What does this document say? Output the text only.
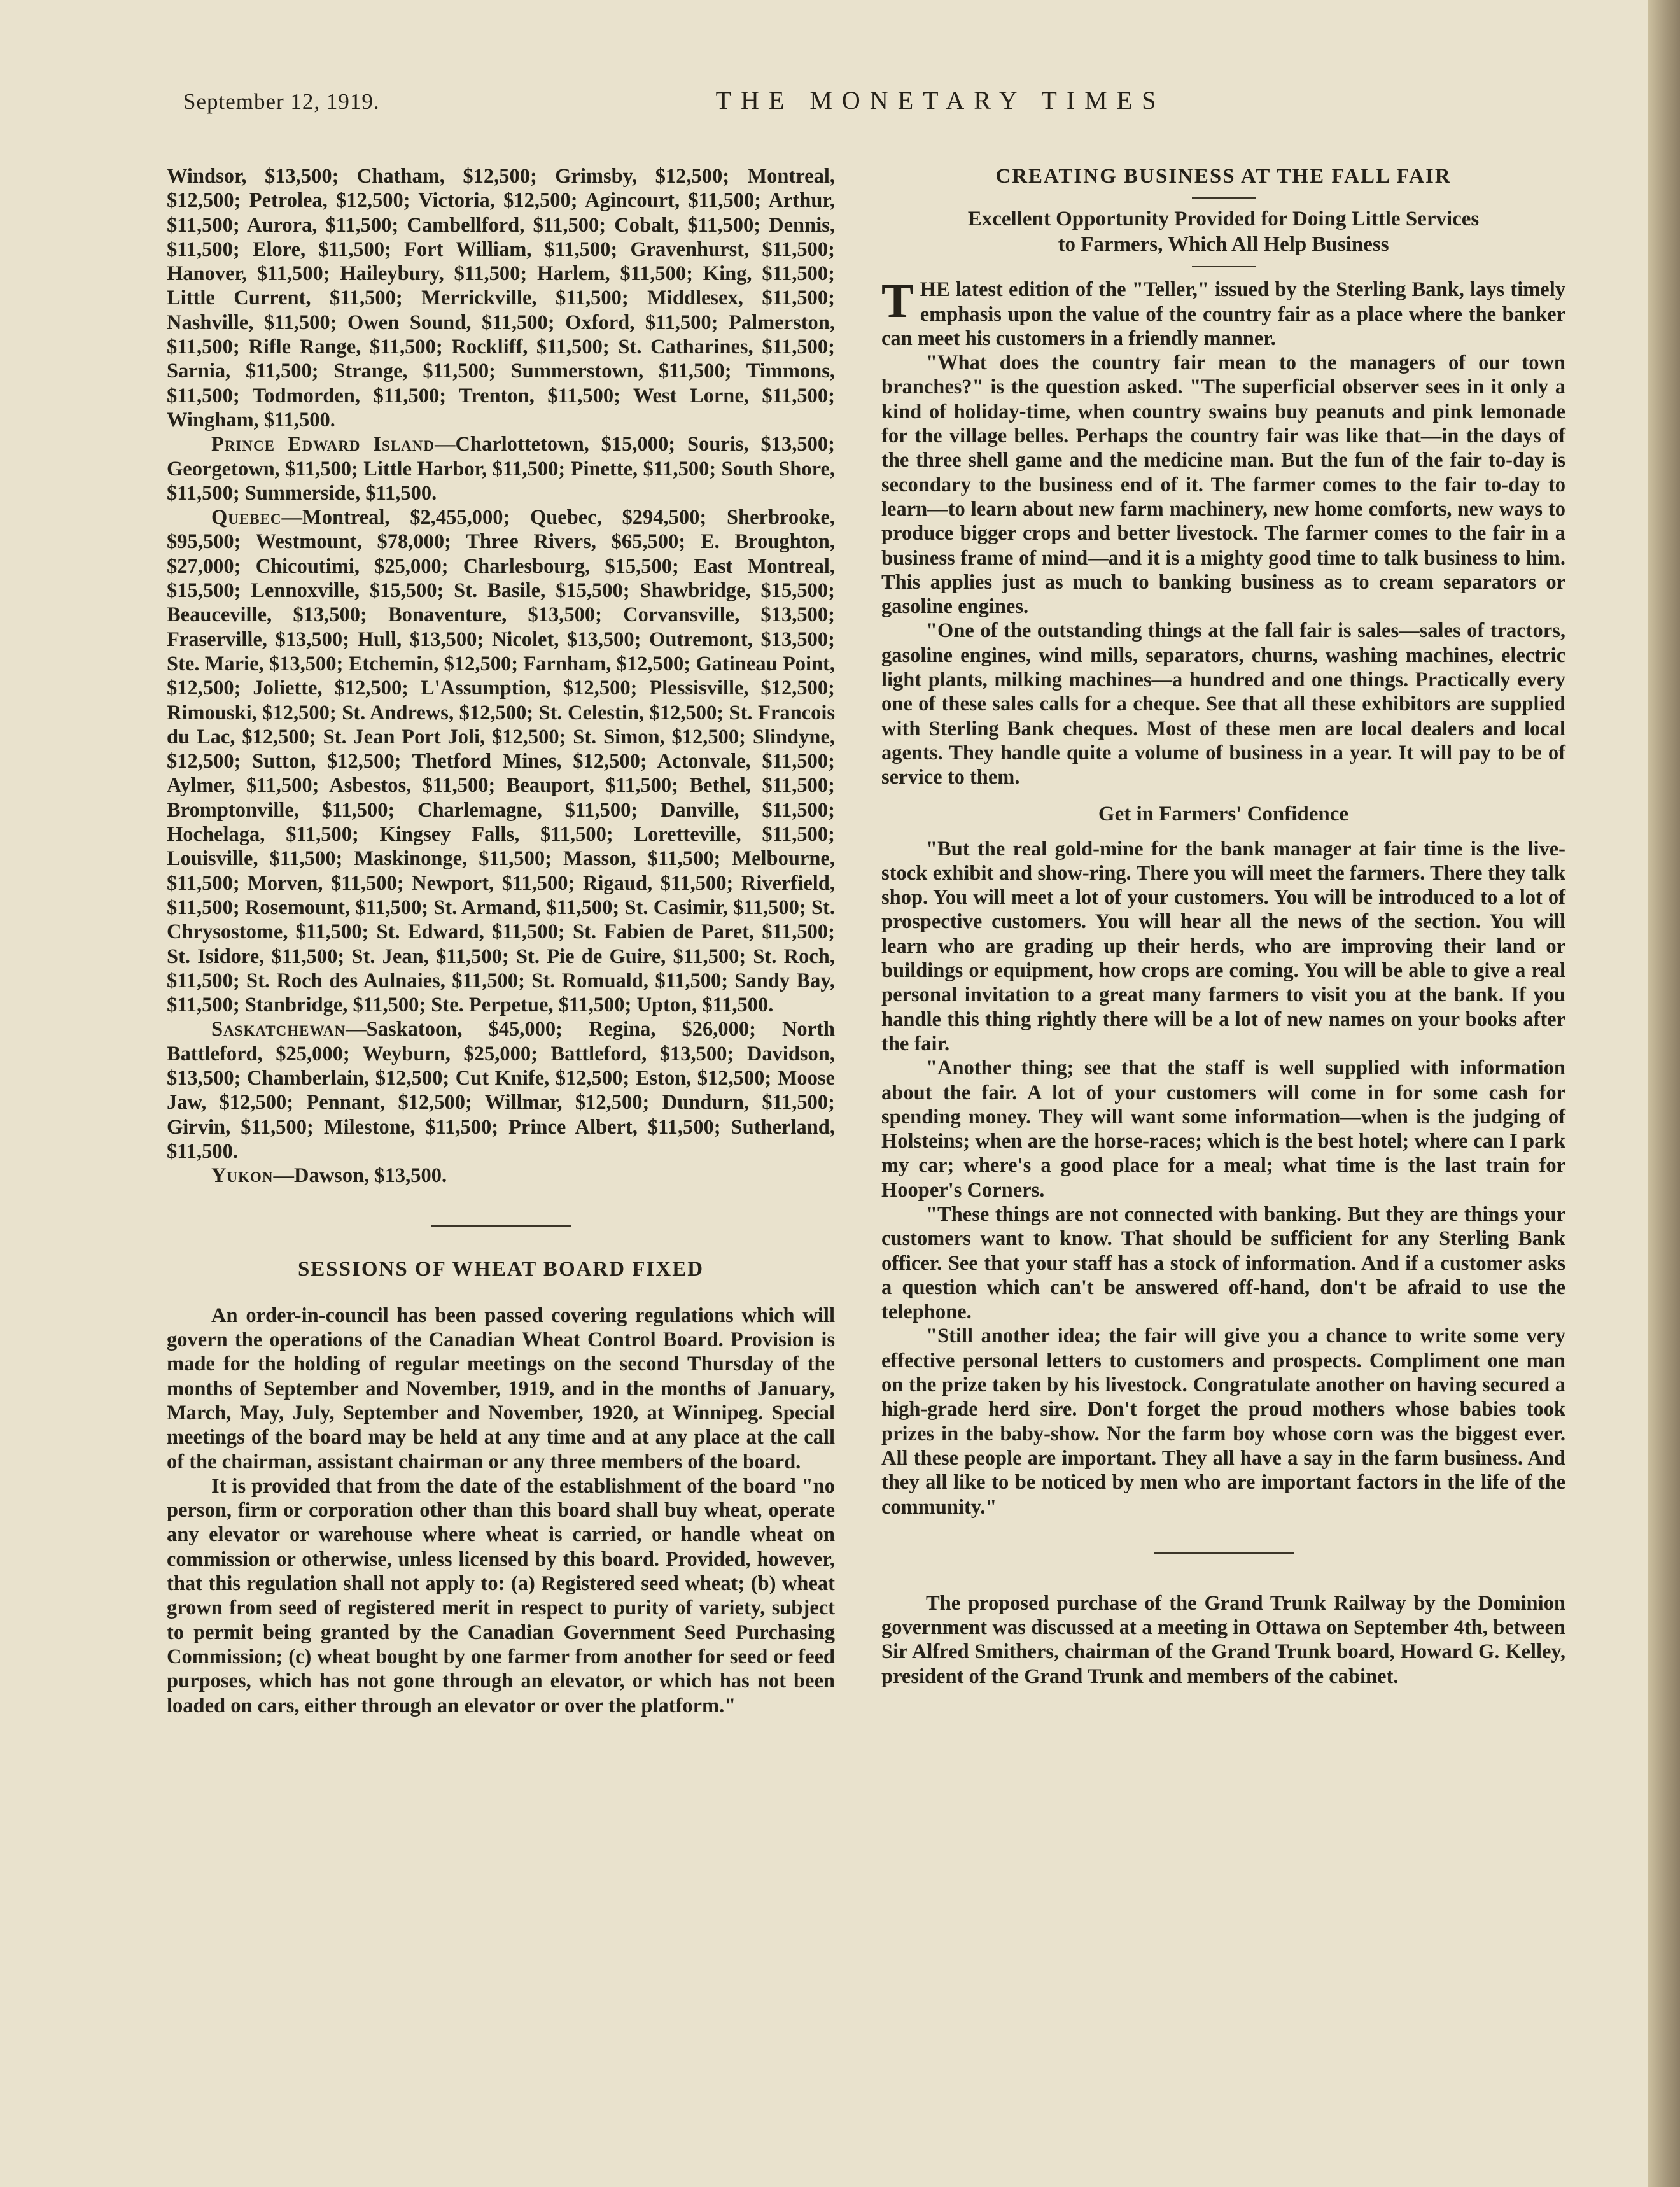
September 12, 1919.	THE MONETARY TIMES

Windsor, $13,500; Chatham, $12,500; Grimsby, $12,500; Montreal, $12,500; Petrolea, $12,500; Victoria, $12,500; Agincourt, $11,500; Arthur, $11,500; Aurora, $11,500; Cambellford, $11,500; Cobalt, $11,500; Dennis, $11,500; Elore, $11,500; Fort William, $11,500; Gravenhurst, $11,500; Hanover, $11,500; Haileybury, $11,500; Harlem, $11,500; King, $11,500; Little Current, $11,500; Merrickville, $11,500; Middlesex, $11,500; Nashville, $11,500; Owen Sound, $11,500; Oxford, $11,500; Palmerston, $11,500; Rifle Range, $11,500; Rockliff, $11,500; St. Catharines, $11,500; Sarnia, $11,500; Strange, $11,500; Summerstown, $11,500; Timmons, $11,500; Todmorden, $11,500; Trenton, $11,500; West Lorne, $11,500; Wingham, $11,500.

Prince Edward Island—Charlottetown, $15,000; Souris, $13,500; Georgetown, $11,500; Little Harbor, $11,500; Pinette, $11,500; South Shore, $11,500; Summerside, $11,500.

Quebec—Montreal, $2,455,000; Quebec, $294,500; Sherbrooke, $95,500; Westmount, $78,000; Three Rivers, $65,500; E. Broughton, $27,000; Chicoutimi, $25,000; Charlesbourg, $15,500; East Montreal, $15,500; Lennoxville, $15,500; St. Basile, $15,500; Shawbridge, $15,500; Beauceville, $13,500; Bonaventure, $13,500; Corvansville, $13,500; Fraserville, $13,500; Hull, $13,500; Nicolet, $13,500; Outremont, $13,500; Ste. Marie, $13,500; Etchemin, $12,500; Farnham, $12,500; Gatineau Point, $12,500; Joliette, $12,500; L'Assumption, $12,500; Plessisville, $12,500; Rimouski, $12,500; St. Andrews, $12,500; St. Celestin, $12,500; St. Francois du Lac, $12,500; St. Jean Port Joli, $12,500; St. Simon, $12,500; Slindyne, $12,500; Sutton, $12,500; Thetford Mines, $12,500; Actonvale, $11,500; Aylmer, $11,500; Asbestos, $11,500; Beauport, $11,500; Bethel, $11,500; Bromptonville, $11,500; Charlemagne, $11,500; Danville, $11,500; Hochelaga, $11,500; Kingsey Falls, $11,500; Loretteville, $11,500; Louisville, $11,500; Maskinonge, $11,500; Masson, $11,500; Melbourne, $11,500; Morven, $11,500; Newport, $11,500; Rigaud, $11,500; Riverfield, $11,500; Rosemount, $11,500; St. Armand, $11,500; St. Casimir, $11,500; St. Chrysostome, $11,500; St. Edward, $11,500; St. Fabien de Paret, $11,500; St. Isidore, $11,500; St. Jean, $11,500; St. Pie de Guire, $11,500; St. Roch, $11,500; St. Roch des Aulnaies, $11,500; St. Romuald, $11,500; Sandy Bay, $11,500; Stanbridge, $11,500; Ste. Perpetue, $11,500; Upton, $11,500.

Saskatchewan—Saskatoon, $45,000; Regina, $26,000; North Battleford, $25,000; Weyburn, $25,000; Battleford, $13,500; Davidson, $13,500; Chamberlain, $12,500; Cut Knife, $12,500; Eston, $12,500; Moose Jaw, $12,500; Pennant, $12,500; Willmar, $12,500; Dundurn, $11,500; Girvin, $11,500; Milestone, $11,500; Prince Albert, $11,500; Sutherland, $11,500.

Yukon—Dawson, $13,500.

SESSIONS OF WHEAT BOARD FIXED

An order-in-council has been passed covering regulations which will govern the operations of the Canadian Wheat Control Board. Provision is made for the holding of regular meetings on the second Thursday of the months of September and November, 1919, and in the months of January, March, May, July, September and November, 1920, at Winnipeg. Special meetings of the board may be held at any time and at any place at the call of the chairman, assistant chairman or any three members of the board.

It is provided that from the date of the establishment of the board "no person, firm or corporation other than this board shall buy wheat, operate any elevator or warehouse where wheat is carried, or handle wheat on commission or otherwise, unless licensed by this board. Provided, however, that this regulation shall not apply to: (a) Registered seed wheat; (b) wheat grown from seed of registered merit in respect to purity of variety, subject to permit being granted by the Canadian Government Seed Purchasing Commission; (c) wheat bought by one farmer from another for seed or feed purposes, which has not gone through an elevator, or which has not been loaded on cars, either through an elevator or over the platform."

CREATING BUSINESS AT THE FALL FAIR

Excellent Opportunity Provided for Doing Little Services

to Farmers, Which All Help Business

THE latest edition of the "Teller," issued by the Sterling Bank, lays timely emphasis upon the value of the country fair as a place where the banker can meet his customers in a friendly manner.

"What does the country fair mean to the managers of our town branches?" is the question asked. "The superficial observer sees in it only a kind of holiday-time, when country swains buy peanuts and pink lemonade for the village belles. Perhaps the country fair was like that—in the days of the three shell game and the medicine man. But the fun of the fair to-day is secondary to the business end of it. The farmer comes to the fair to-day to learn—to learn about new farm machinery, new home comforts, new ways to produce bigger crops and better livestock. The farmer comes to the fair in a business frame of mind—and it is a mighty good time to talk business to him. This applies just as much to banking business as to cream separators or gasoline engines.

"One of the outstanding things at the fall fair is sales—sales of tractors, gasoline engines, wind mills, separators, churns, washing machines, electric light plants, milking machines—a hundred and one things. Practically every one of these sales calls for a cheque. See that all these exhibitors are supplied with Sterling Bank cheques. Most of these men are local dealers and local agents. They handle quite a volume of business in a year. It will pay to be of service to them.

Get in Farmers' Confidence

"But the real gold-mine for the bank manager at fair time is the live-stock exhibit and show-ring. There you will meet the farmers. There they talk shop. You will meet a lot of your customers. You will be introduced to a lot of prospective customers. You will hear all the news of the section. You will learn who are grading up their herds, who are improving their land or buildings or equipment, how crops are coming. You will be able to give a real personal invitation to a great many farmers to visit you at the bank. If you handle this thing rightly there will be a lot of new names on your books after the fair.

"Another thing; see that the staff is well supplied with information about the fair. A lot of your customers will come in for some cash for spending money. They will want some information—when is the judging of Holsteins; when are the horse-races; which is the best hotel; where can I park my car; where's a good place for a meal; what time is the last train for Hooper's Corners.

"These things are not connected with banking. But they are things your customers want to know. That should be sufficient for any Sterling Bank officer. See that your staff has a stock of information. And if a customer asks a question which can't be answered off-hand, don't be afraid to use the telephone.

"Still another idea; the fair will give you a chance to write some very effective personal letters to customers and prospects. Compliment one man on the prize taken by his livestock. Congratulate another on having secured a high-grade herd sire. Don't forget the proud mothers whose babies took prizes in the baby-show. Nor the farm boy whose corn was the biggest ever. All these people are important. They all have a say in the farm business. And they all like to be noticed by men who are important factors in the life of the community."

The proposed purchase of the Grand Trunk Railway by the Dominion government was discussed at a meeting in Ottawa on September 4th, between Sir Alfred Smithers, chairman of the Grand Trunk board, Howard G. Kelley, president of the Grand Trunk and members of the cabinet.
